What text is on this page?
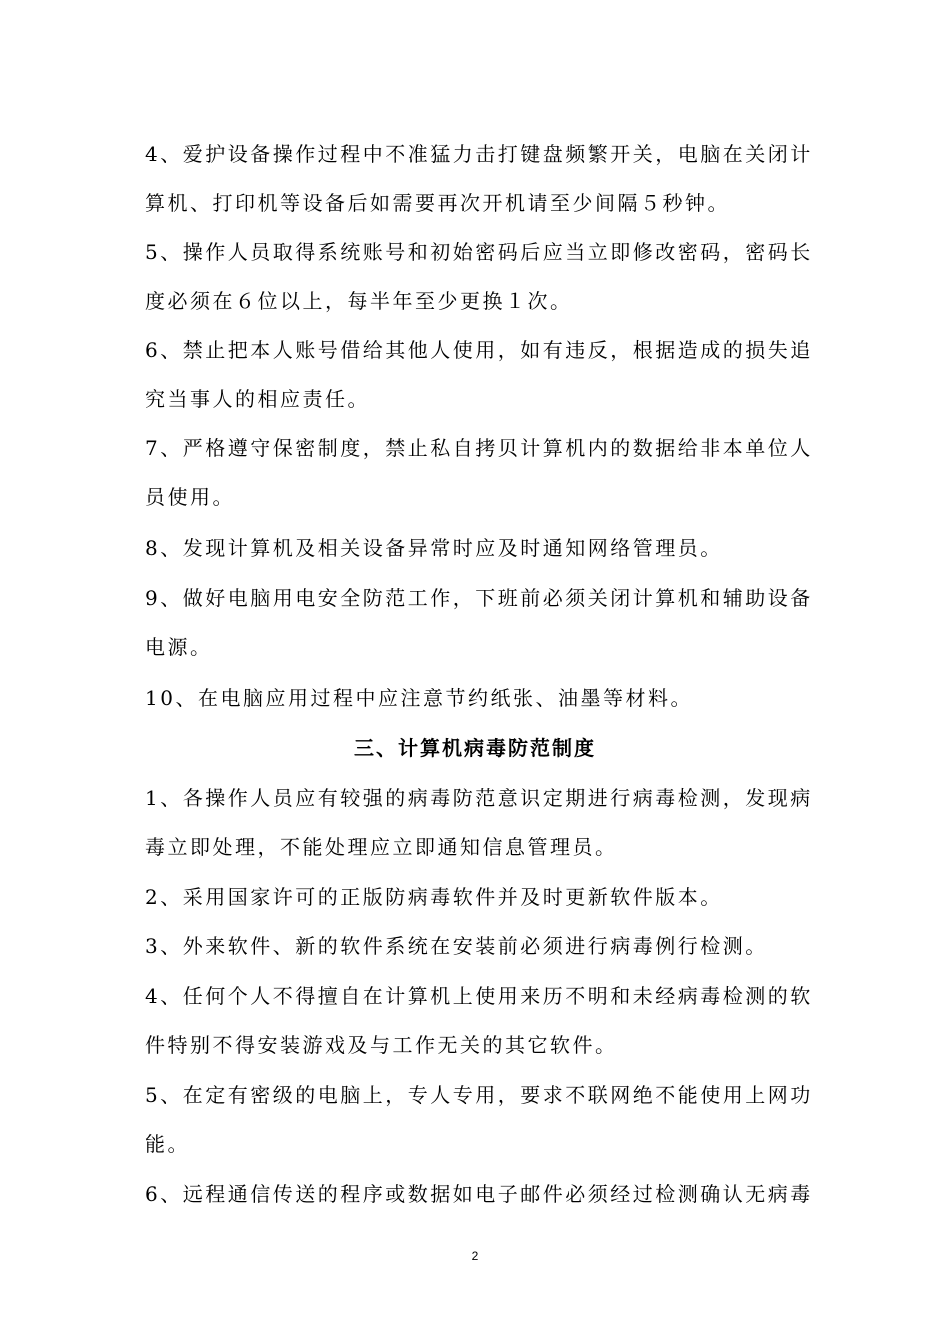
4、爱护设备操作过程中不准猛力击打键盘频繁开关，电脑在关闭计
算机、打印机等设备后如需要再次开机请至少间隔５秒钟。
5、操作人员取得系统账号和初始密码后应当立即修改密码，密码长
度必须在６位以上，每半年至少更换１次。
6、禁止把本人账号借给其他人使用，如有违反，根据造成的损失追
究当事人的相应责任。
7、严格遵守保密制度，禁止私自拷贝计算机内的数据给非本单位人
员使用。
8、发现计算机及相关设备异常时应及时通知网络管理员。
9、做好电脑用电安全防范工作，下班前必须关闭计算机和辅助设备
电源。
10、在电脑应用过程中应注意节约纸张、油墨等材料。
三、计算机病毒防范制度
1、各操作人员应有较强的病毒防范意识定期进行病毒检测，发现病
毒立即处理，不能处理应立即通知信息管理员。
2、采用国家许可的正版防病毒软件并及时更新软件版本。
3、外来软件、新的软件系统在安装前必须进行病毒例行检测。
4、任何个人不得擅自在计算机上使用来历不明和未经病毒检测的软
件特别不得安装游戏及与工作无关的其它软件。
5、在定有密级的电脑上，专人专用，要求不联网绝不能使用上网功
能。
6、远程通信传送的程序或数据如电子邮件必须经过检测确认无病毒
2
